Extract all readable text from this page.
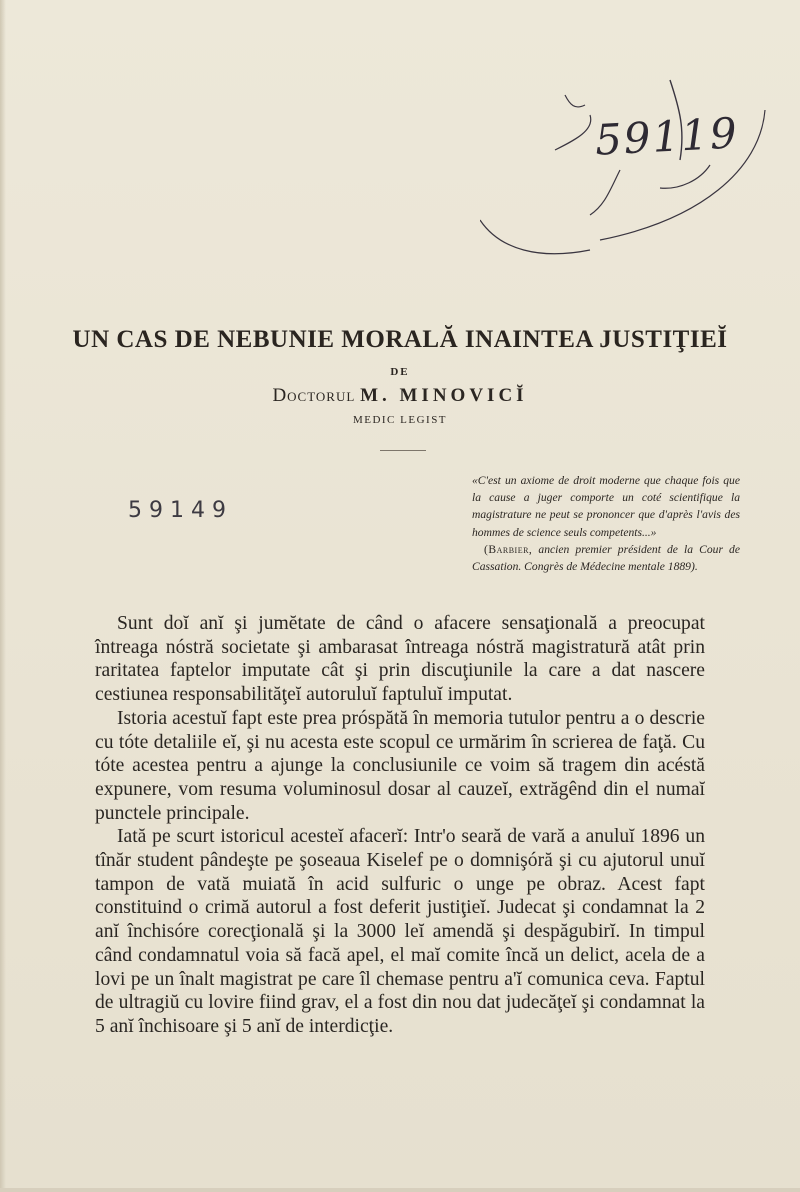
59119
UN CAS DE NEBUNIE MORALĂ INAINTEA JUSTIŢIEĬ
DE
Doctorul M. MINOVICĬ
MEDIC LEGIST
59149
«C'est un axiome de droit moderne que chaque fois que la cause a juger comporte un coté scientifique la magistrature ne peut se prononcer que d'après l'avis des hommes de science seuls competents...»
(Barbier, ancien premier président de la Cour de Cassation. Congrès de Médecine mentale 1889).

Sunt doĭ anĭ şi jumĕtate de când o afacere sensaţională a preocupat întreaga nóstră societate şi ambarasat întreaga nóstră magistratură atât prin raritatea faptelor imputate cât şi prin discuţiunile la care a dat nascere cestiunea responsabilităţeĭ autoruluĭ faptuluĭ imputat.

Istoria acestuĭ fapt este prea próspătă în memoria tutulor pentru a o descrie cu tóte detaliile eĭ, şi nu acesta este scopul ce urmărim în scrierea de faţă. Cu tóte acestea pentru a ajunge la conclusiunile ce voim să tragem din acéstă expunere, vom resuma voluminosul dosar al cauzeĭ, extrăgênd din el numaĭ punctele principale.

Iată pe scurt istoricul acesteĭ afacerĭ: Intr'o seară de vară a anuluĭ 1896 un tînăr student pândeşte pe şoseaua Kiselef pe o domnişóră şi cu ajutorul unuĭ tampon de vată muiată în acid sulfuric o unge pe obraz. Acest fapt constituind o crimă autorul a fost deferit justiţieĭ. Judecat şi condamnat la 2 anĭ închisóre corecţională şi la 3000 leĭ amendă şi despăgubirĭ. In timpul când condamnatul voia să facă apel, el maĭ comite încă un delict, acela de a lovi pe un înalt magistrat pe care îl chemase pentru a'ĭ comunica ceva. Faptul de ultragiŭ cu lovire fiind grav, el a fost din nou dat judecăţeĭ şi condamnat la 5 anĭ închisoare şi 5 anĭ de interdicţie.
